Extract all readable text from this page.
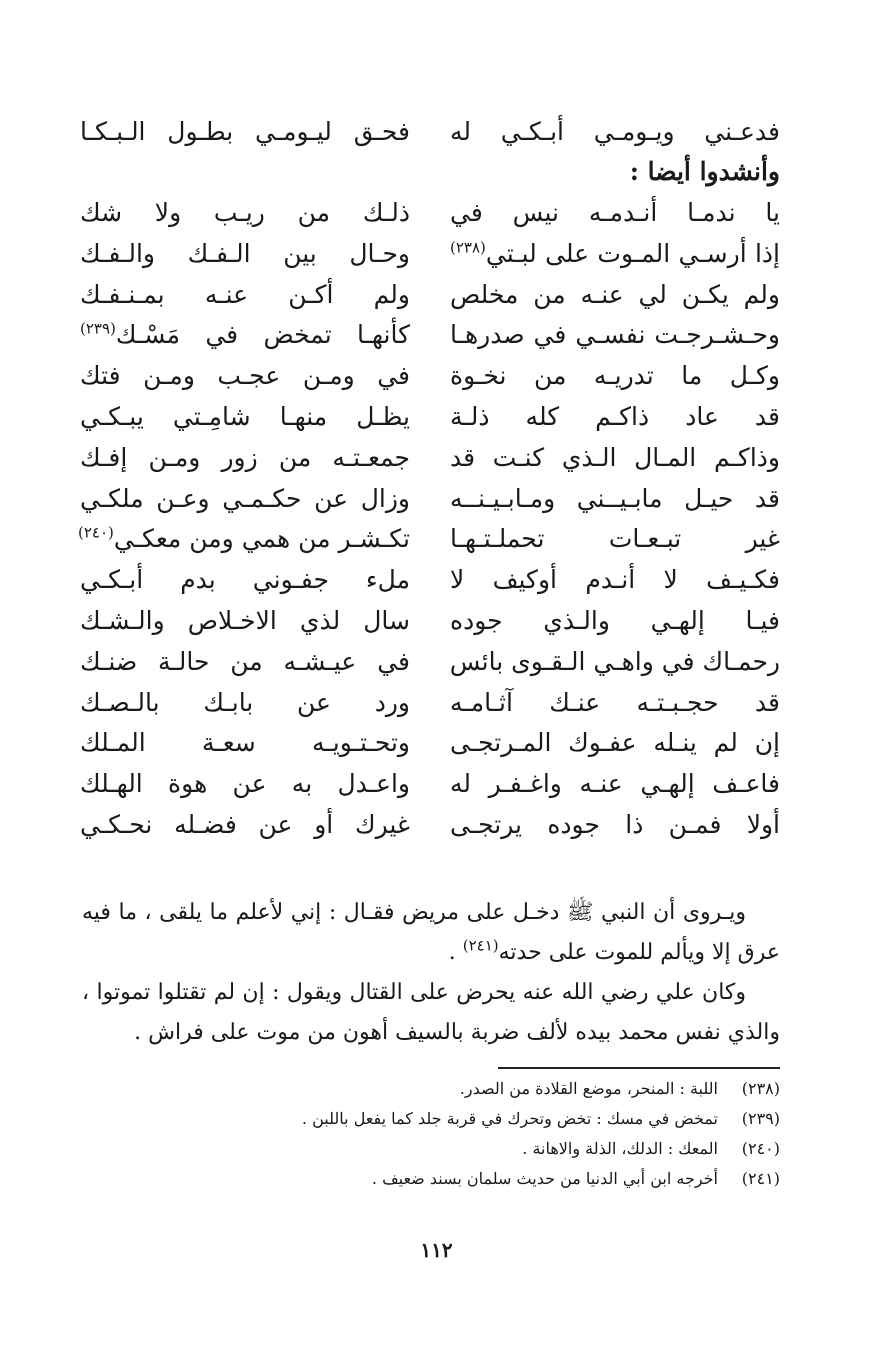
فدعـني ويـومـي أبـكـي له
فحـق ليـومـي بطـول الـبـكـا
وأنشدوا أيضا :
يا ندمـا أنـدمـه نيس في
ذلـك من ريـب ولا شك
إذا أرسـي المـوت على لبـتي$^{(٢٣٨)}$
وحـال بين الـفـك والـفـك
ولم يكـن لي عنـه من مخلص
ولم أكـن عنـه بمـنـفـك
وحـشـرجـت نفسـي في صدرهـا
كأنهـا تمخض في مَسْـك$^{(٢٣٩)}$
وكـل ما تدريـه من نخـوة
في ومـن عجـب ومـن فتك
قد عاد ذاكـم كله ذلـة
يظـل منهـا شامِـتي يبـكـي
وذاكـم المـال الـذي كنـت قد
جمعـتـه من زور ومـن إفـك
قد حيـل مابـيــني ومـابـيـنــه
وزال عن حكـمـي وعـن ملكـي
غير تبـعـات تحملـتـهـا
تكـشـر من همي ومن معكـي$^{(٢٤٠)}$
فكـيـف لا أنـدم أوكيف لا
ملء جفـوني بدم أبـكـي
فيـا إلهـي والـذي جوده
سال لذي الاخـلاص والـشـك
رحمـاك في واهـي الـقـوى بائس
في عيـشـه من حالـة ضنـك
قد حجـبـتـه عنـك آثـامـه
ورد عن بابـك بالـصـك
إن لم ينـله عفـوك المـرتجـى
وتحـتـويـه سعـة المـلك
فاعـف إلهـي عنـه واغـفـر له
واعـدل به عن هوة الهـلك
أولا فمـن ذا جوده يرتجـى
غيرك أو عن فضـله نحـكـي

ويـروى أن النبي ﷺ دخـل على مريض فقـال : إني لأعلم ما يلقى ، ما فيه عرق إلا ويألم للموت على حدته$^{(٢٤١)}$ .

وكان علي رضي الله عنه يحرض على القتال ويقول : إن لم تقتلوا تموتوا ، والذي نفس محمد بيده لألف ضربة بالسيف أهون من موت على فراش .

(٢٣٨)اللبة : المنحر، موضع القلادة من الصدر.
(٢٣٩)تمخض في مسك : تخض وتحرك في قربة جلد كما يفعل باللبن .
(٢٤٠)المعك : الدلك، الذلة والاهانة .
(٢٤١)أخرجه ابن أبي الدنيا من حديث سلمان بسند ضعيف .
١١٢
